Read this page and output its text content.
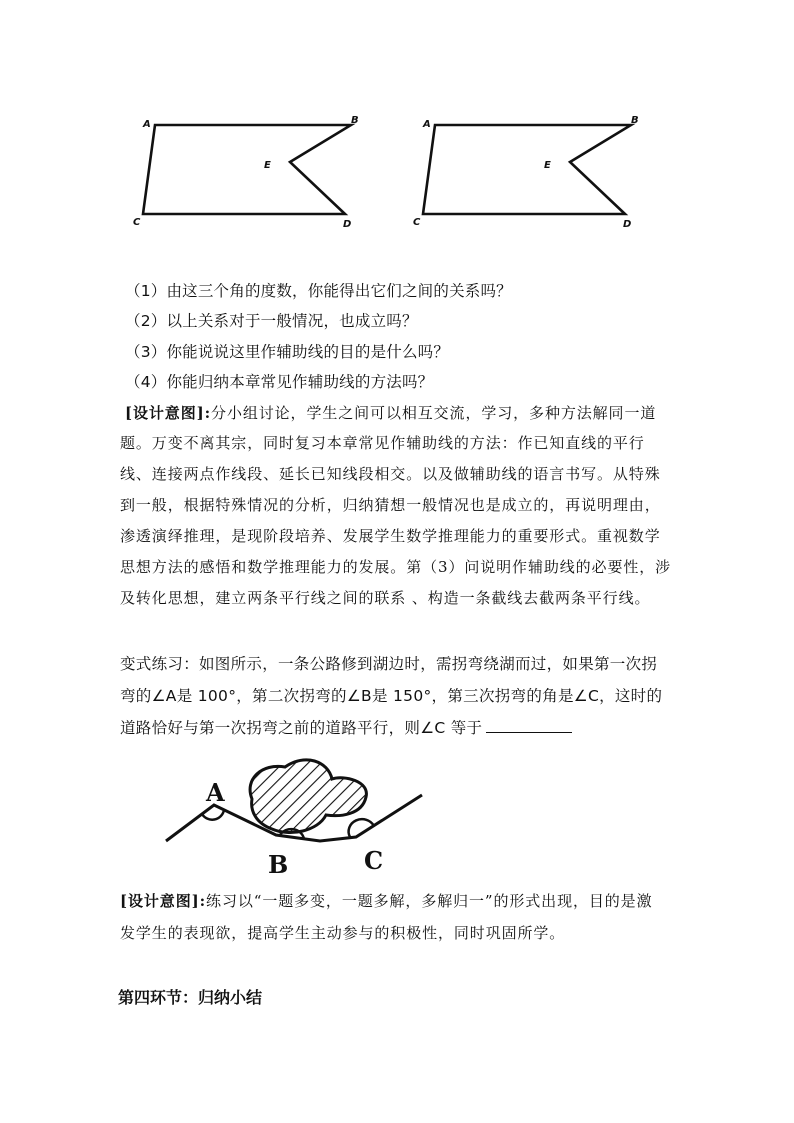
A	B
E
C	D
A	B
E
C	D
（1）由这三个角的度数，你能得出它们之间的关系吗？
（2）以上关系对于一般情况，也成立吗？
（3）你能说说这里作辅助线的目的是什么吗？
（4）你能归纳本章常见作辅助线的方法吗？
[设计意图]:分小组讨论，学生之间可以相互交流，学习，多种方法解同一道
题。万变不离其宗，同时复习本章常见作辅助线的方法：作已知直线的平行
线、连接两点作线段、延长已知线段相交。以及做辅助线的语言书写。从特殊
到一般，根据特殊情况的分析，归纳猜想一般情况也是成立的，再说明理由，
渗透演绎推理，是现阶段培养、发展学生数学推理能力的重要形式。重视数学
思想方法的感悟和数学推理能力的发展。第（3）问说明作辅助线的必要性，涉
及转化思想，建立两条平行线之间的联系 、构造一条截线去截两条平行线。
变式练习：如图所示，一条公路修到湖边时，需拐弯绕湖而过，如果第一次拐
弯的∠A是 100°，第二次拐弯的∠B是 150°，第三次拐弯的角是∠C，这时的
道路恰好与第一次拐弯之前的道路平行，则∠C 等于
A
B	C
[设计意图]:练习以“一题多变，一题多解，多解归一”的形式出现，目的是激
发学生的表现欲，提高学生主动参与的积极性，同时巩固所学。
第四环节：归纳小结
